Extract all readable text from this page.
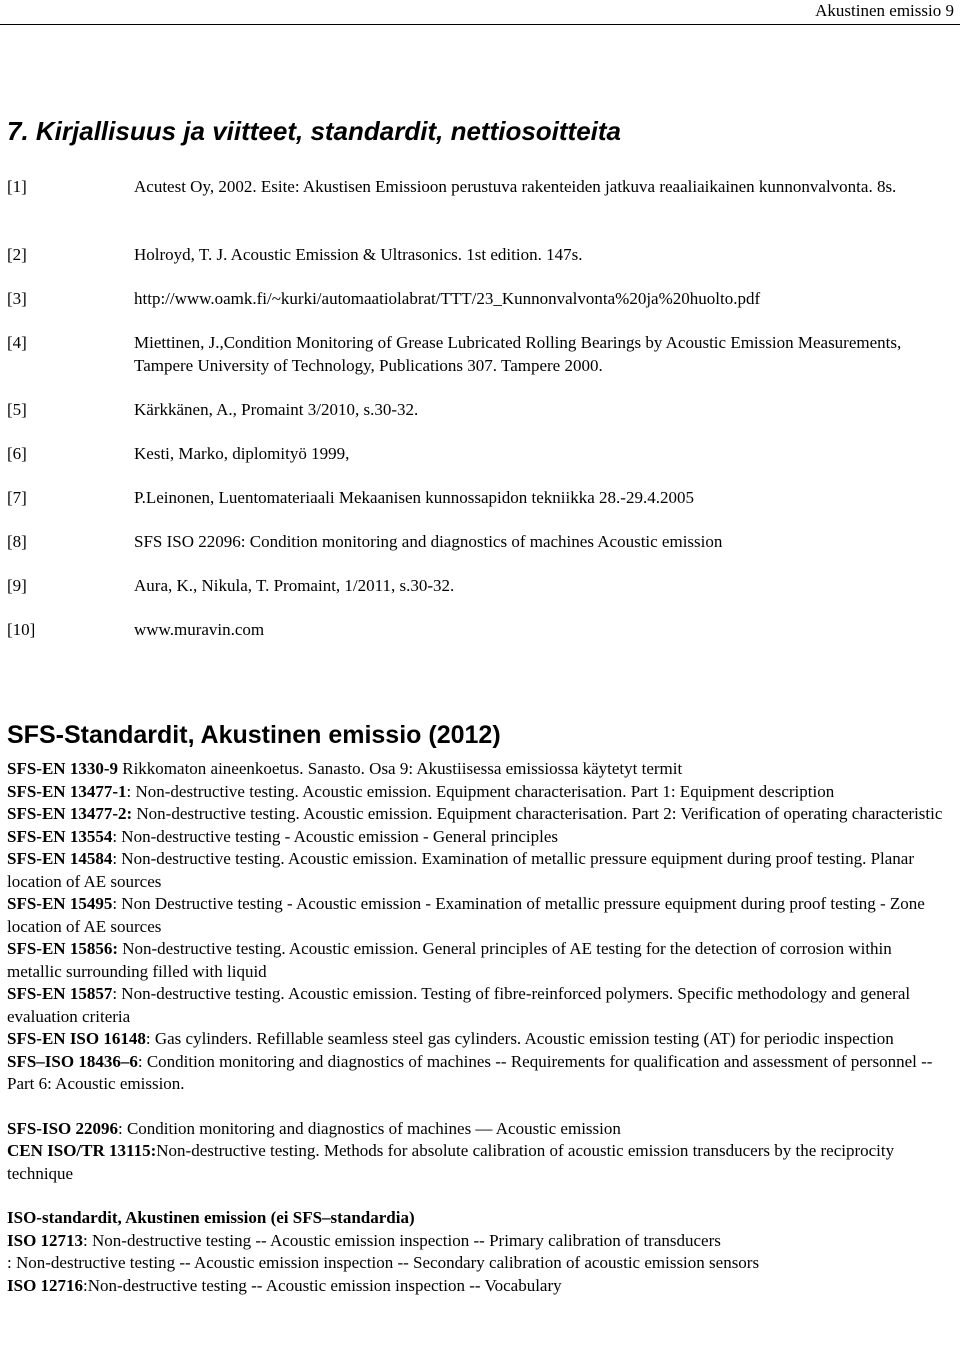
Akustinen emissio 9
7. Kirjallisuus ja viitteet, standardit, nettiosoitteita
[1]	Acutest Oy, 2002. Esite: Akustisen Emissioon perustuva rakenteiden jatkuva reaaliaikainen kunnonvalvonta. 8s.
[2]	Holroyd, T. J. Acoustic Emission & Ultrasonics. 1st edition. 147s.
[3]	http://www.oamk.fi/~kurki/automaatiolabrat/TTT/23_Kunnonvalvonta%20ja%20huolto.pdf
[4]	Miettinen, J.,Condition Monitoring of Grease Lubricated Rolling Bearings by Acoustic Emission Measurements, Tampere University of Technology, Publications 307. Tampere 2000.
[5]	Kärkkänen, A., Promaint 3/2010, s.30-32.
[6]	Kesti, Marko, diplomityö 1999,
[7]	P.Leinonen, Luentomateriaali Mekaanisen kunnossapidon tekniikka 28.-29.4.2005
[8]	SFS ISO 22096: Condition monitoring and diagnostics of machines Acoustic emission
[9]	Aura, K., Nikula, T. Promaint, 1/2011, s.30-32.
[10]	www.muravin.com
SFS-Standardit, Akustinen emissio (2012)

SFS-EN 1330-9 Rikkomaton aineenkoetus. Sanasto. Osa 9: Akustiisessa emissiossa käytetyt termit

SFS-EN 13477-1: Non-destructive testing. Acoustic emission. Equipment characterisation. Part 1: Equipment description

SFS-EN 13477-2: Non-destructive testing. Acoustic emission. Equipment characterisation. Part 2: Verification of operating characteristic

SFS-EN 13554: Non-destructive testing - Acoustic emission - General principles

SFS-EN 14584: Non-destructive testing. Acoustic emission. Examination of metallic pressure equipment during proof testing. Planar location of AE sources

SFS-EN 15495: Non Destructive testing - Acoustic emission - Examination of metallic pressure equipment during proof testing - Zone location of AE sources

SFS-EN 15856: Non-destructive testing. Acoustic emission. General principles of AE testing for the detection of corrosion within metallic surrounding filled with liquid

SFS-EN 15857: Non-destructive testing. Acoustic emission. Testing of fibre-reinforced polymers. Specific methodology and general evaluation criteria

SFS-EN ISO 16148: Gas cylinders. Refillable seamless steel gas cylinders. Acoustic emission testing (AT) for periodic inspection

SFS–ISO 18436–6: Condition monitoring and diagnostics of machines -- Requirements for qualification and assessment of personnel -- Part 6: Acoustic emission.

SFS-ISO 22096: Condition monitoring and diagnostics of machines — Acoustic emission

CEN ISO/TR 13115:Non-destructive testing. Methods for absolute calibration of acoustic emission transducers by the reciprocity technique

ISO-standardit, Akustinen emission (ei SFS–standardia)

ISO 12713: Non-destructive testing -- Acoustic emission inspection -- Primary calibration of transducers

: Non-destructive testing -- Acoustic emission inspection -- Secondary calibration of acoustic emission sensors

ISO 12716:Non-destructive testing -- Acoustic emission inspection -- Vocabulary
